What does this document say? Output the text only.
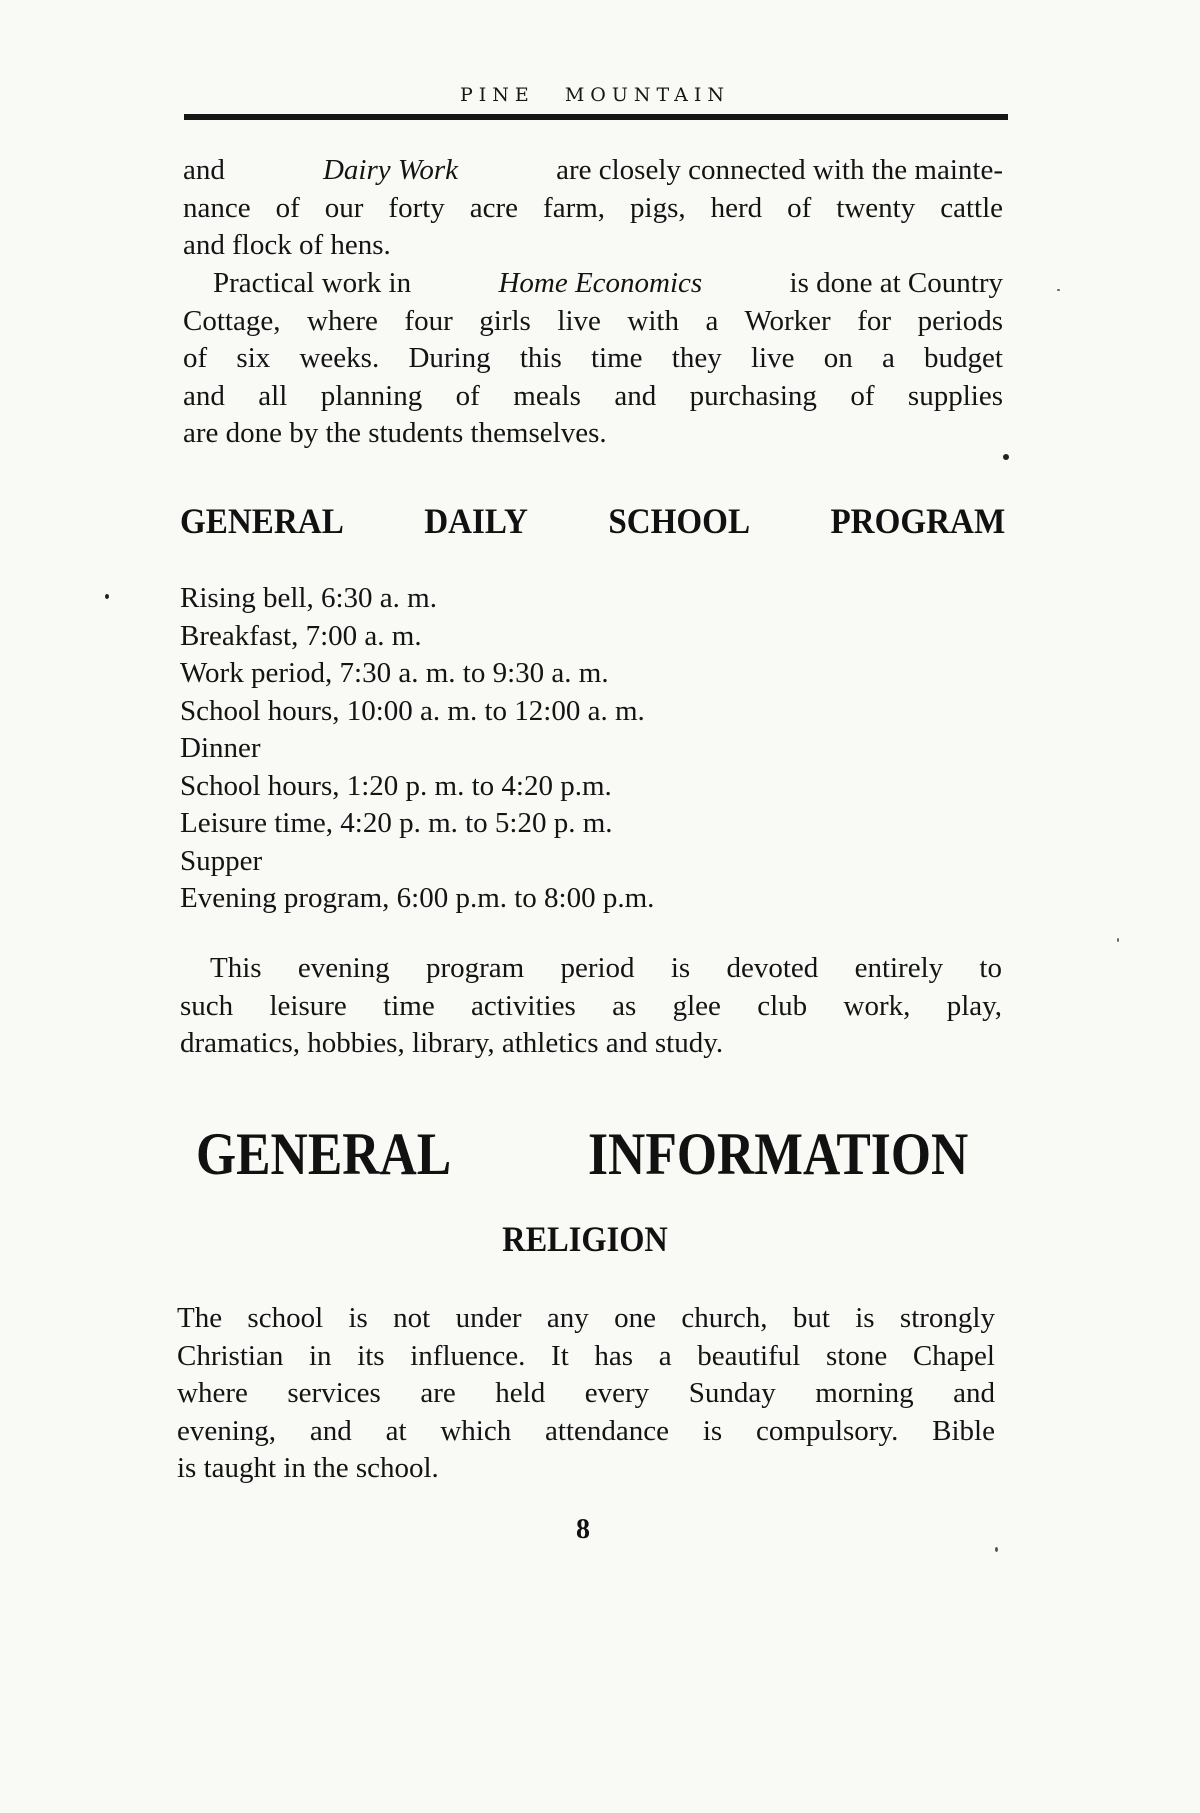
PINE MOUNTAIN
and	Dairy Work	are closely connected with the mainte-
nance of our forty acre farm, pigs, herd of twenty cattle
and flock of hens.
Practical work in	Home Economics	is done at Country
Cottage, where four girls live with a Worker for periods
of six weeks. During this time they live on a budget
and all planning of meals and purchasing of supplies
are done by the students themselves.
GENERAL DAILY SCHOOL PROGRAM
Rising bell, 6:30 a. m.
Breakfast, 7:00 a. m.
Work period, 7:30 a. m. to 9:30 a. m.
School hours, 10:00 a. m. to 12:00 a. m.
Dinner
School hours, 1:20 p. m. to 4:20 p.m.
Leisure time, 4:20 p. m. to 5:20 p. m.
Supper
Evening program, 6:00 p.m. to 8:00 p.m.
This evening program period is devoted entirely to
such leisure time activities as glee club work, play,
dramatics, hobbies, library, athletics and study.
GENERAL INFORMATION
RELIGION
The school is not under any one church, but is strongly
Christian in its influence. It has a beautiful stone Chapel
where services are held every Sunday morning and
evening, and at which attendance is compulsory. Bible
is taught in the school.
8
